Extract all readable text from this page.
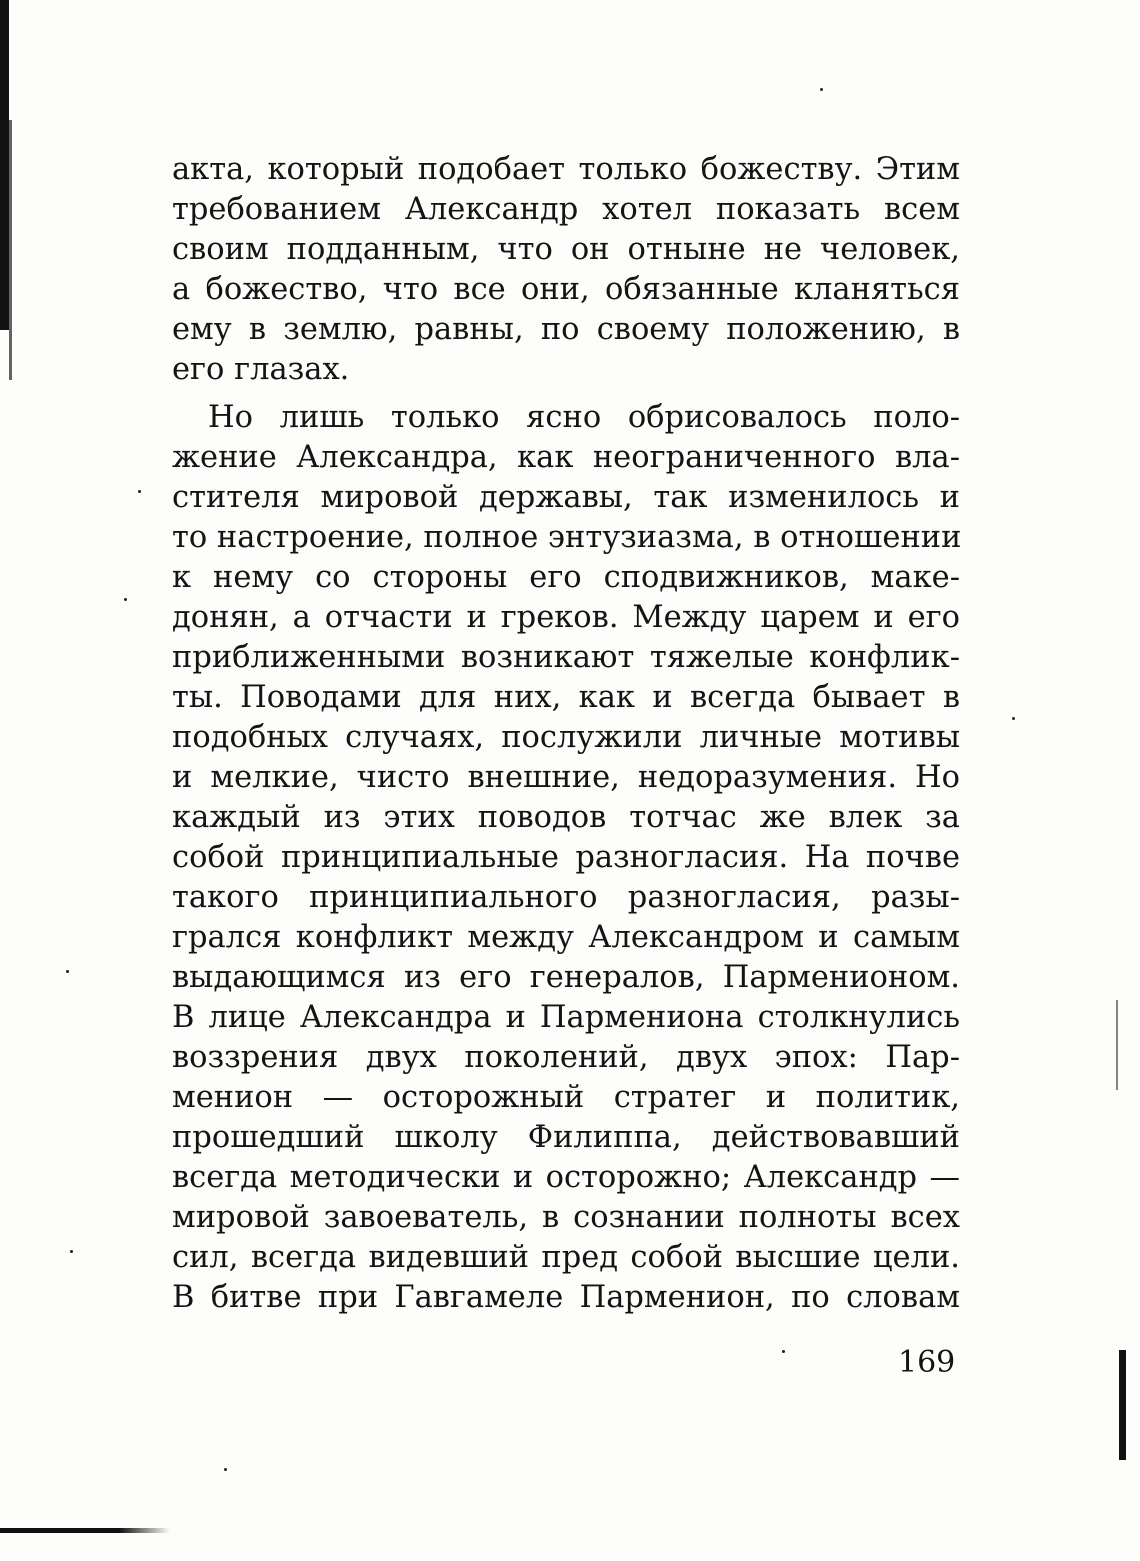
акта, который подобает только божеству. Этим
требованием Александр хотел показать всем
своим подданным, что он отныне не человек,
а божество, что все они, обязанные кланяться
ему в землю, равны, по своему положению, в
его глазах.
Но лишь только ясно обрисовалось поло-
жение Александра, как неограниченного вла-
стителя мировой державы, так изменилось и
то настроение, полное энтузиазма, в отношении
к нему со стороны его сподвижников, маке-
донян, а отчасти и греков. Между царем и его
приближенными возникают тяжелые конфлик-
ты. Поводами для них, как и всегда бывает в
подобных случаях, послужили личные мотивы
и мелкие, чисто внешние, недоразумения. Но
каждый из этих поводов тотчас же влек за
собой принципиальные разногласия. На почве
такого принципиального разногласия, разы-
грался конфликт между Александром и самым
выдающимся из его генералов, Парменионом.
В лице Александра и Пармениона столкнулись
воззрения двух поколений, двух эпох: Пар-
менион — осторожный стратег и политик,
прошедший школу Филиппа, действовавший
всегда методически и осторожно; Александр —
мировой завоеватель, в сознании полноты всех
сил, всегда видевший пред собой высшие цели.
В битве при Гавгамеле Парменион, по словам
169
